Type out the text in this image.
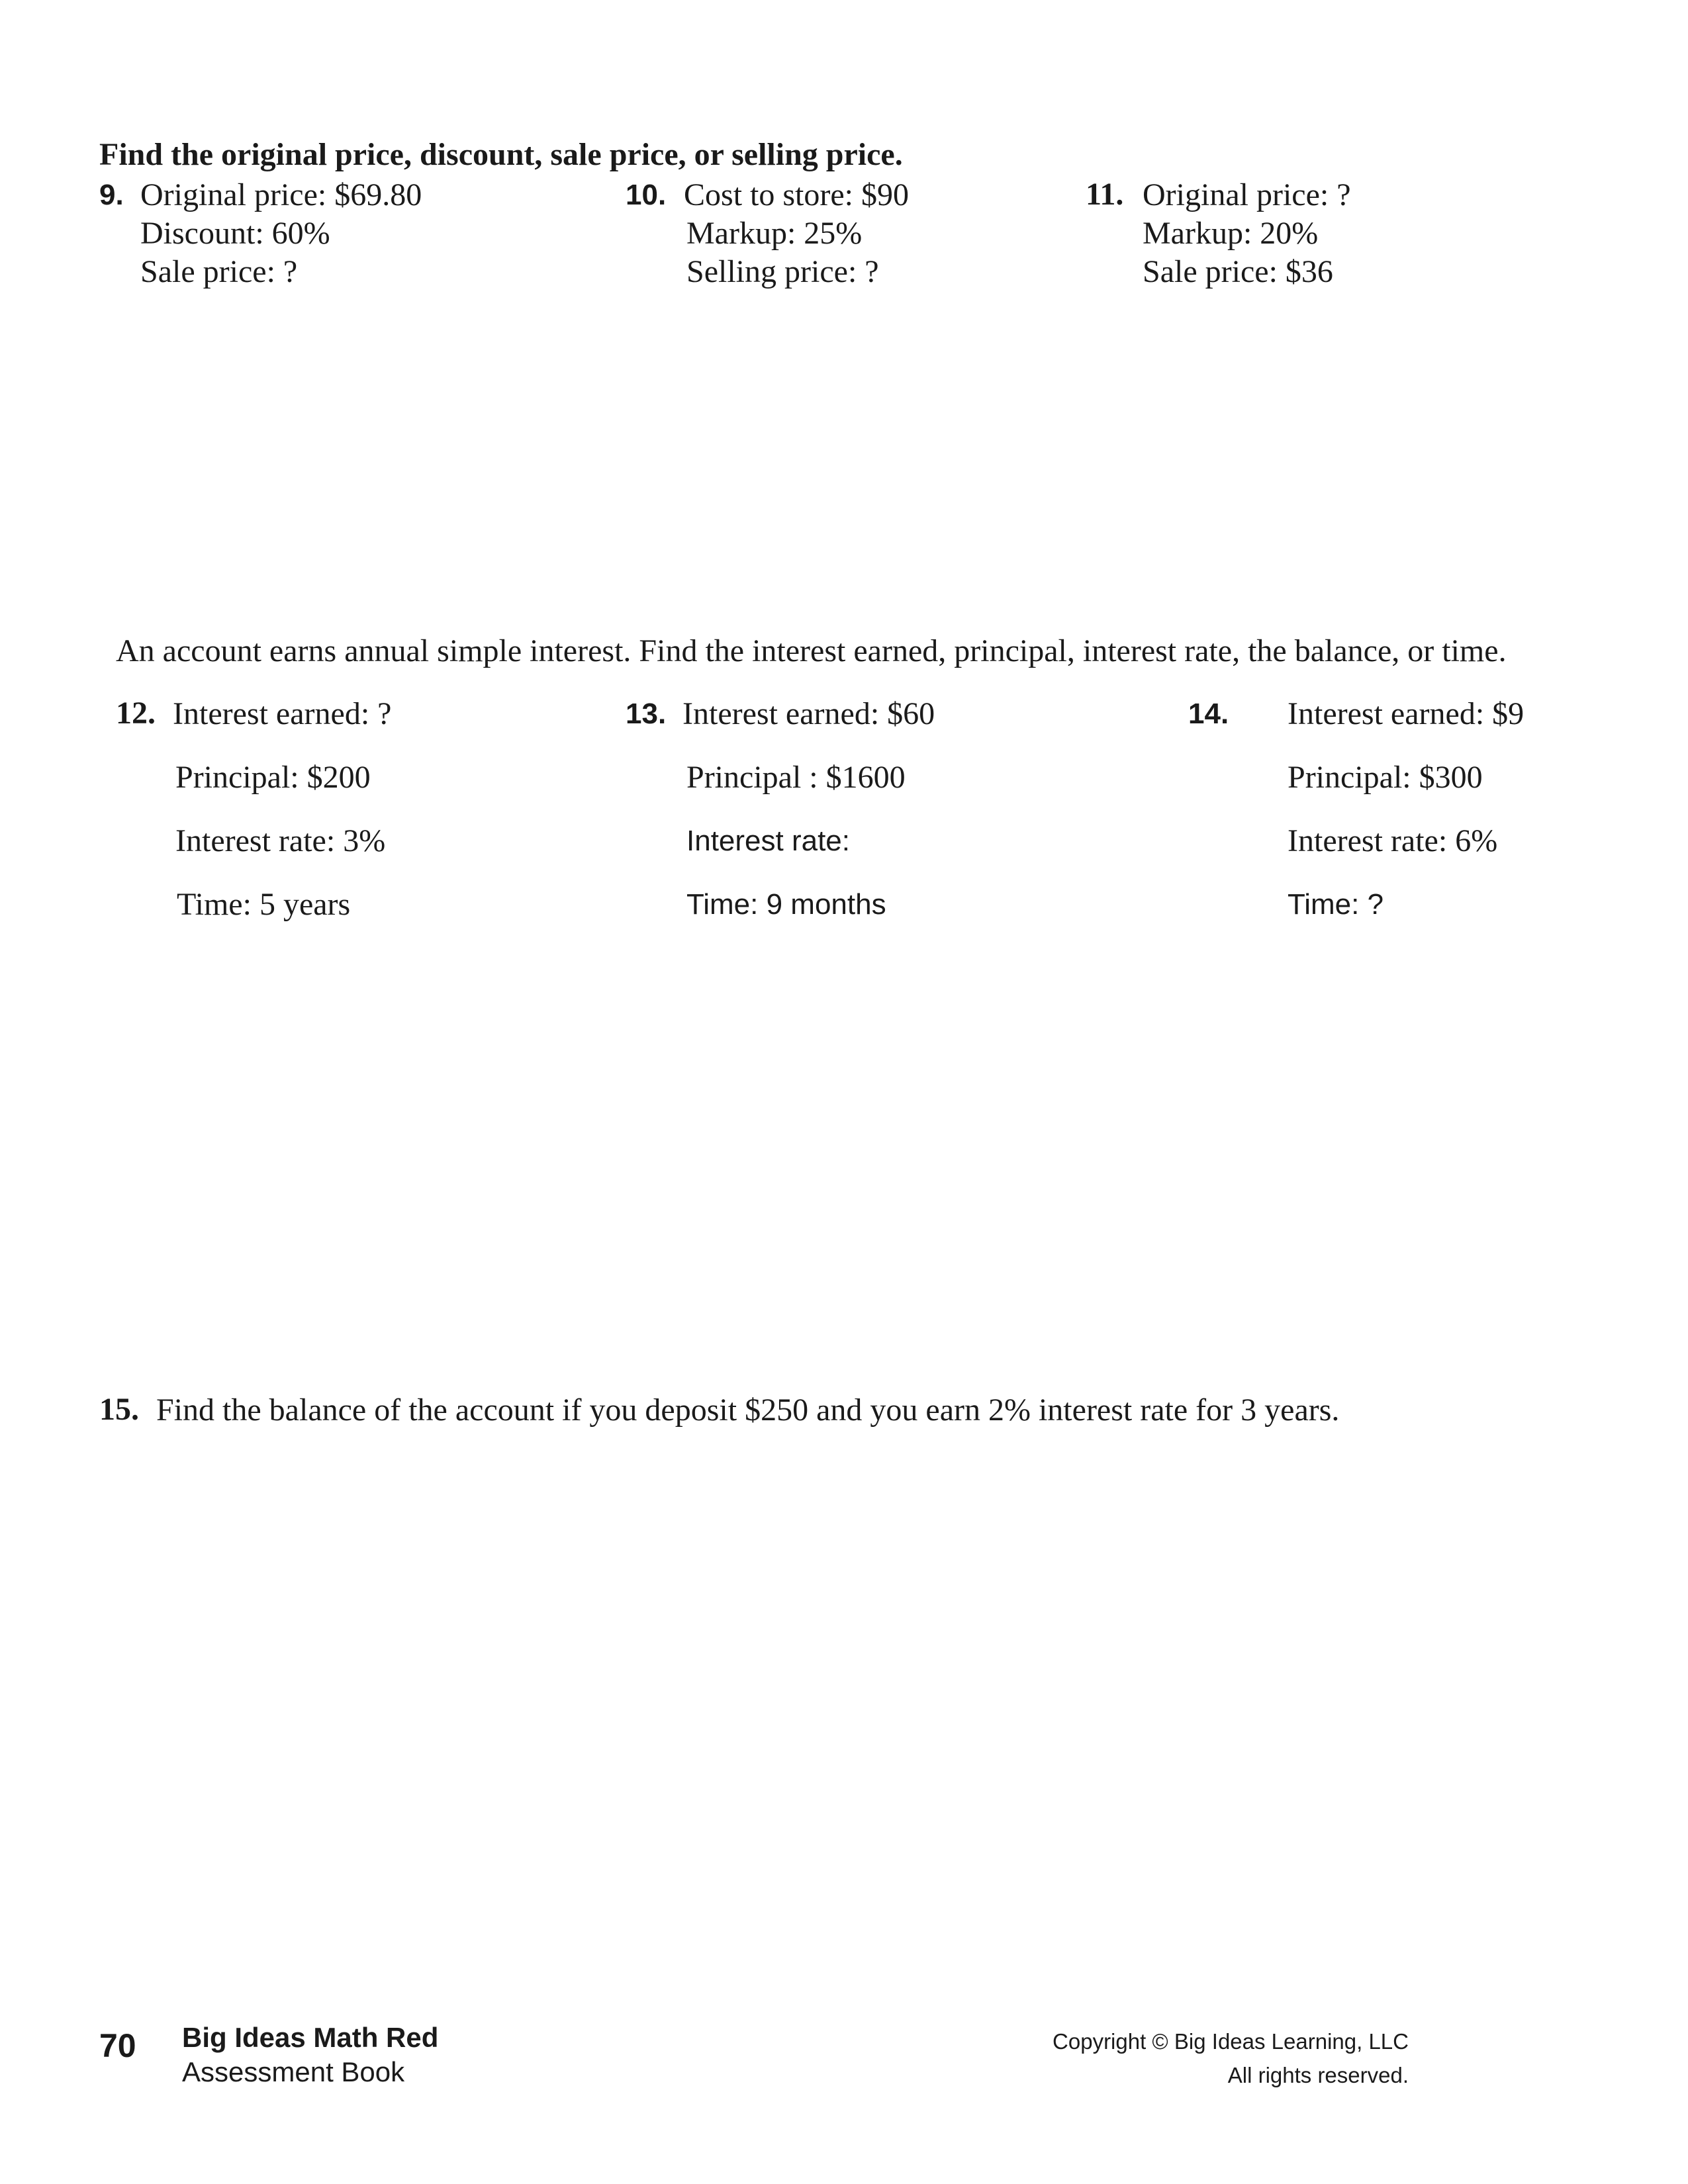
Find the original price, discount, sale price, or selling price.
9. Original price: $69.80
Discount: 60%
Sale price: ?
10. Cost to store: $90
Markup: 25%
Selling price: ?
11. Original price: ?
Markup: 20%
Sale price: $36
An account earns annual simple interest. Find the interest earned, principal, interest rate, the balance, or time.
12. Interest earned: ?
Principal: $200
Interest rate: 3%
Time: 5 years
13. Interest earned: $60
Principal : $1600
Interest rate:
Time: 9 months
14. Interest earned: $9
Principal: $300
Interest rate: 6%
Time: ?
15. Find the balance of the account if you deposit $250 and you earn 2% interest rate for 3 years.
70 Big Ideas Math Red
Assessment Book
Copyright © Big Ideas Learning, LLC
All rights reserved.
